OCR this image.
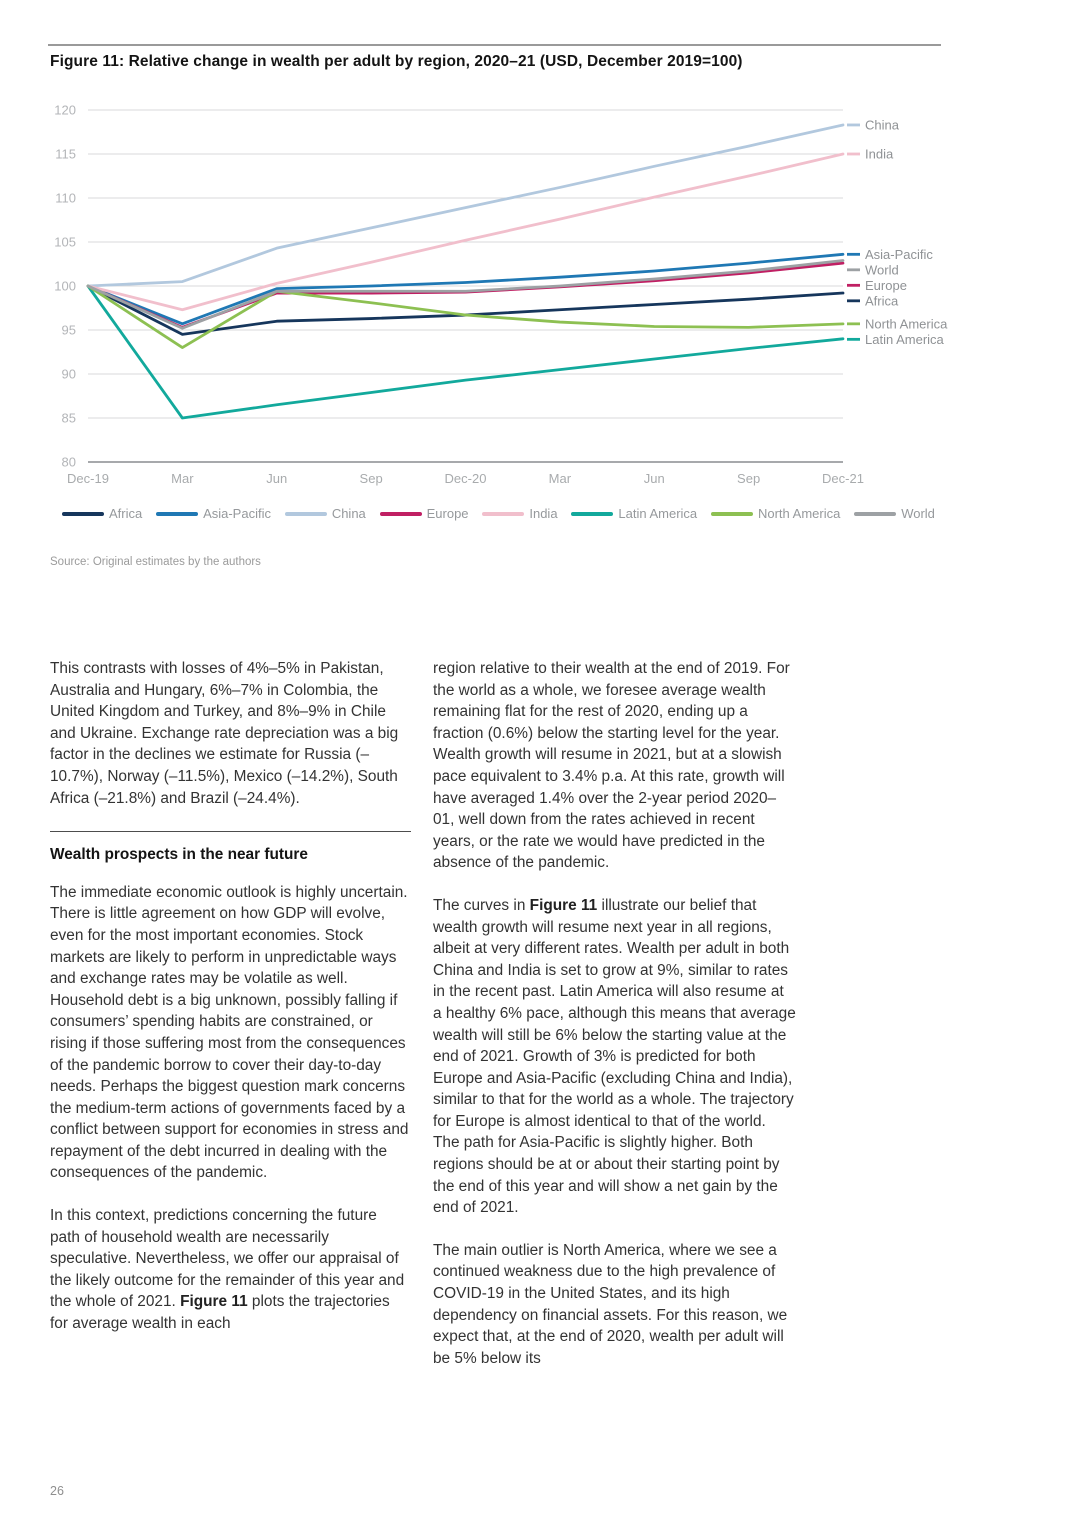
Figure 11: Relative change in wealth per adult by region, 2020–21 (USD, December 2019=100)
80
85
90
95
100
105
110
115
120
Dec-19	Mar	Jun	Sep	Dec-20	Mar	Jun	Sep	Dec-21
China
India
Asia-Pacific
World
Europe
Africa
North America
Latin America
Africa	Asia-Pacific	China	Europe	India	Latin America	North America	World
Source: Original estimates by the authors

This contrasts with losses of 4%–5% in Pakistan, Australia and Hungary, 6%–7% in Colombia, the United Kingdom and Turkey, and 8%–9% in Chile and Ukraine. Exchange rate depreciation was a big factor in the declines we estimate for Russia (–10.7%), Norway (–11.5%), Mexico (–14.2%), South Africa (–21.8%) and Brazil (–24.4%).

Wealth prospects in the near future

The immediate economic outlook is highly uncertain. There is little agreement on how GDP will evolve, even for the most important economies. Stock markets are likely to perform in unpredictable ways and exchange rates may be volatile as well. Household debt is a big unknown, possibly falling if consumers’ spending habits are constrained, or rising if those suffering most from the consequences of the pandemic borrow to cover their day-to-day needs. Perhaps the biggest question mark concerns the medium-term actions of governments faced by a conflict between support for economies in stress and repayment of the debt incurred in dealing with the consequences of the pandemic.

In this context, predictions concerning the future path of household wealth are necessarily speculative. Nevertheless, we offer our appraisal of the likely outcome for the remainder of this year and the whole of 2021. Figure 11 plots the trajectories for average wealth in each

region relative to their wealth at the end of 2019. For the world as a whole, we foresee average wealth remaining flat for the rest of 2020, ending up a fraction (0.6%) below the starting level for the year. Wealth growth will resume in 2021, but at a slowish pace equivalent to 3.4% p.a. At this rate, growth will have averaged 1.4% over the 2-year period 2020–01, well down from the rates achieved in recent years, or the rate we would have predicted in the absence of the pandemic.

The curves in Figure 11 illustrate our belief that wealth growth will resume next year in all regions, albeit at very different rates. Wealth per adult in both China and India is set to grow at 9%, similar to rates in the recent past. Latin America will also resume at a healthy 6% pace, although this means that average wealth will still be 6% below the starting value at the end of 2021. Growth of 3% is predicted for both Europe and Asia-Pacific (excluding China and India), similar to that for the world as a whole. The trajectory for Europe is almost identical to that of the world. The path for Asia-Pacific is slightly higher. Both regions should be at or about their starting point by the end of this year and will show a net gain by the end of 2021.

The main outlier is North America, where we see a continued weakness due to the high prevalence of COVID-19 in the United States, and its high dependency on financial assets. For this reason, we expect that, at the end of 2020, wealth per adult will be 5% below its

26
